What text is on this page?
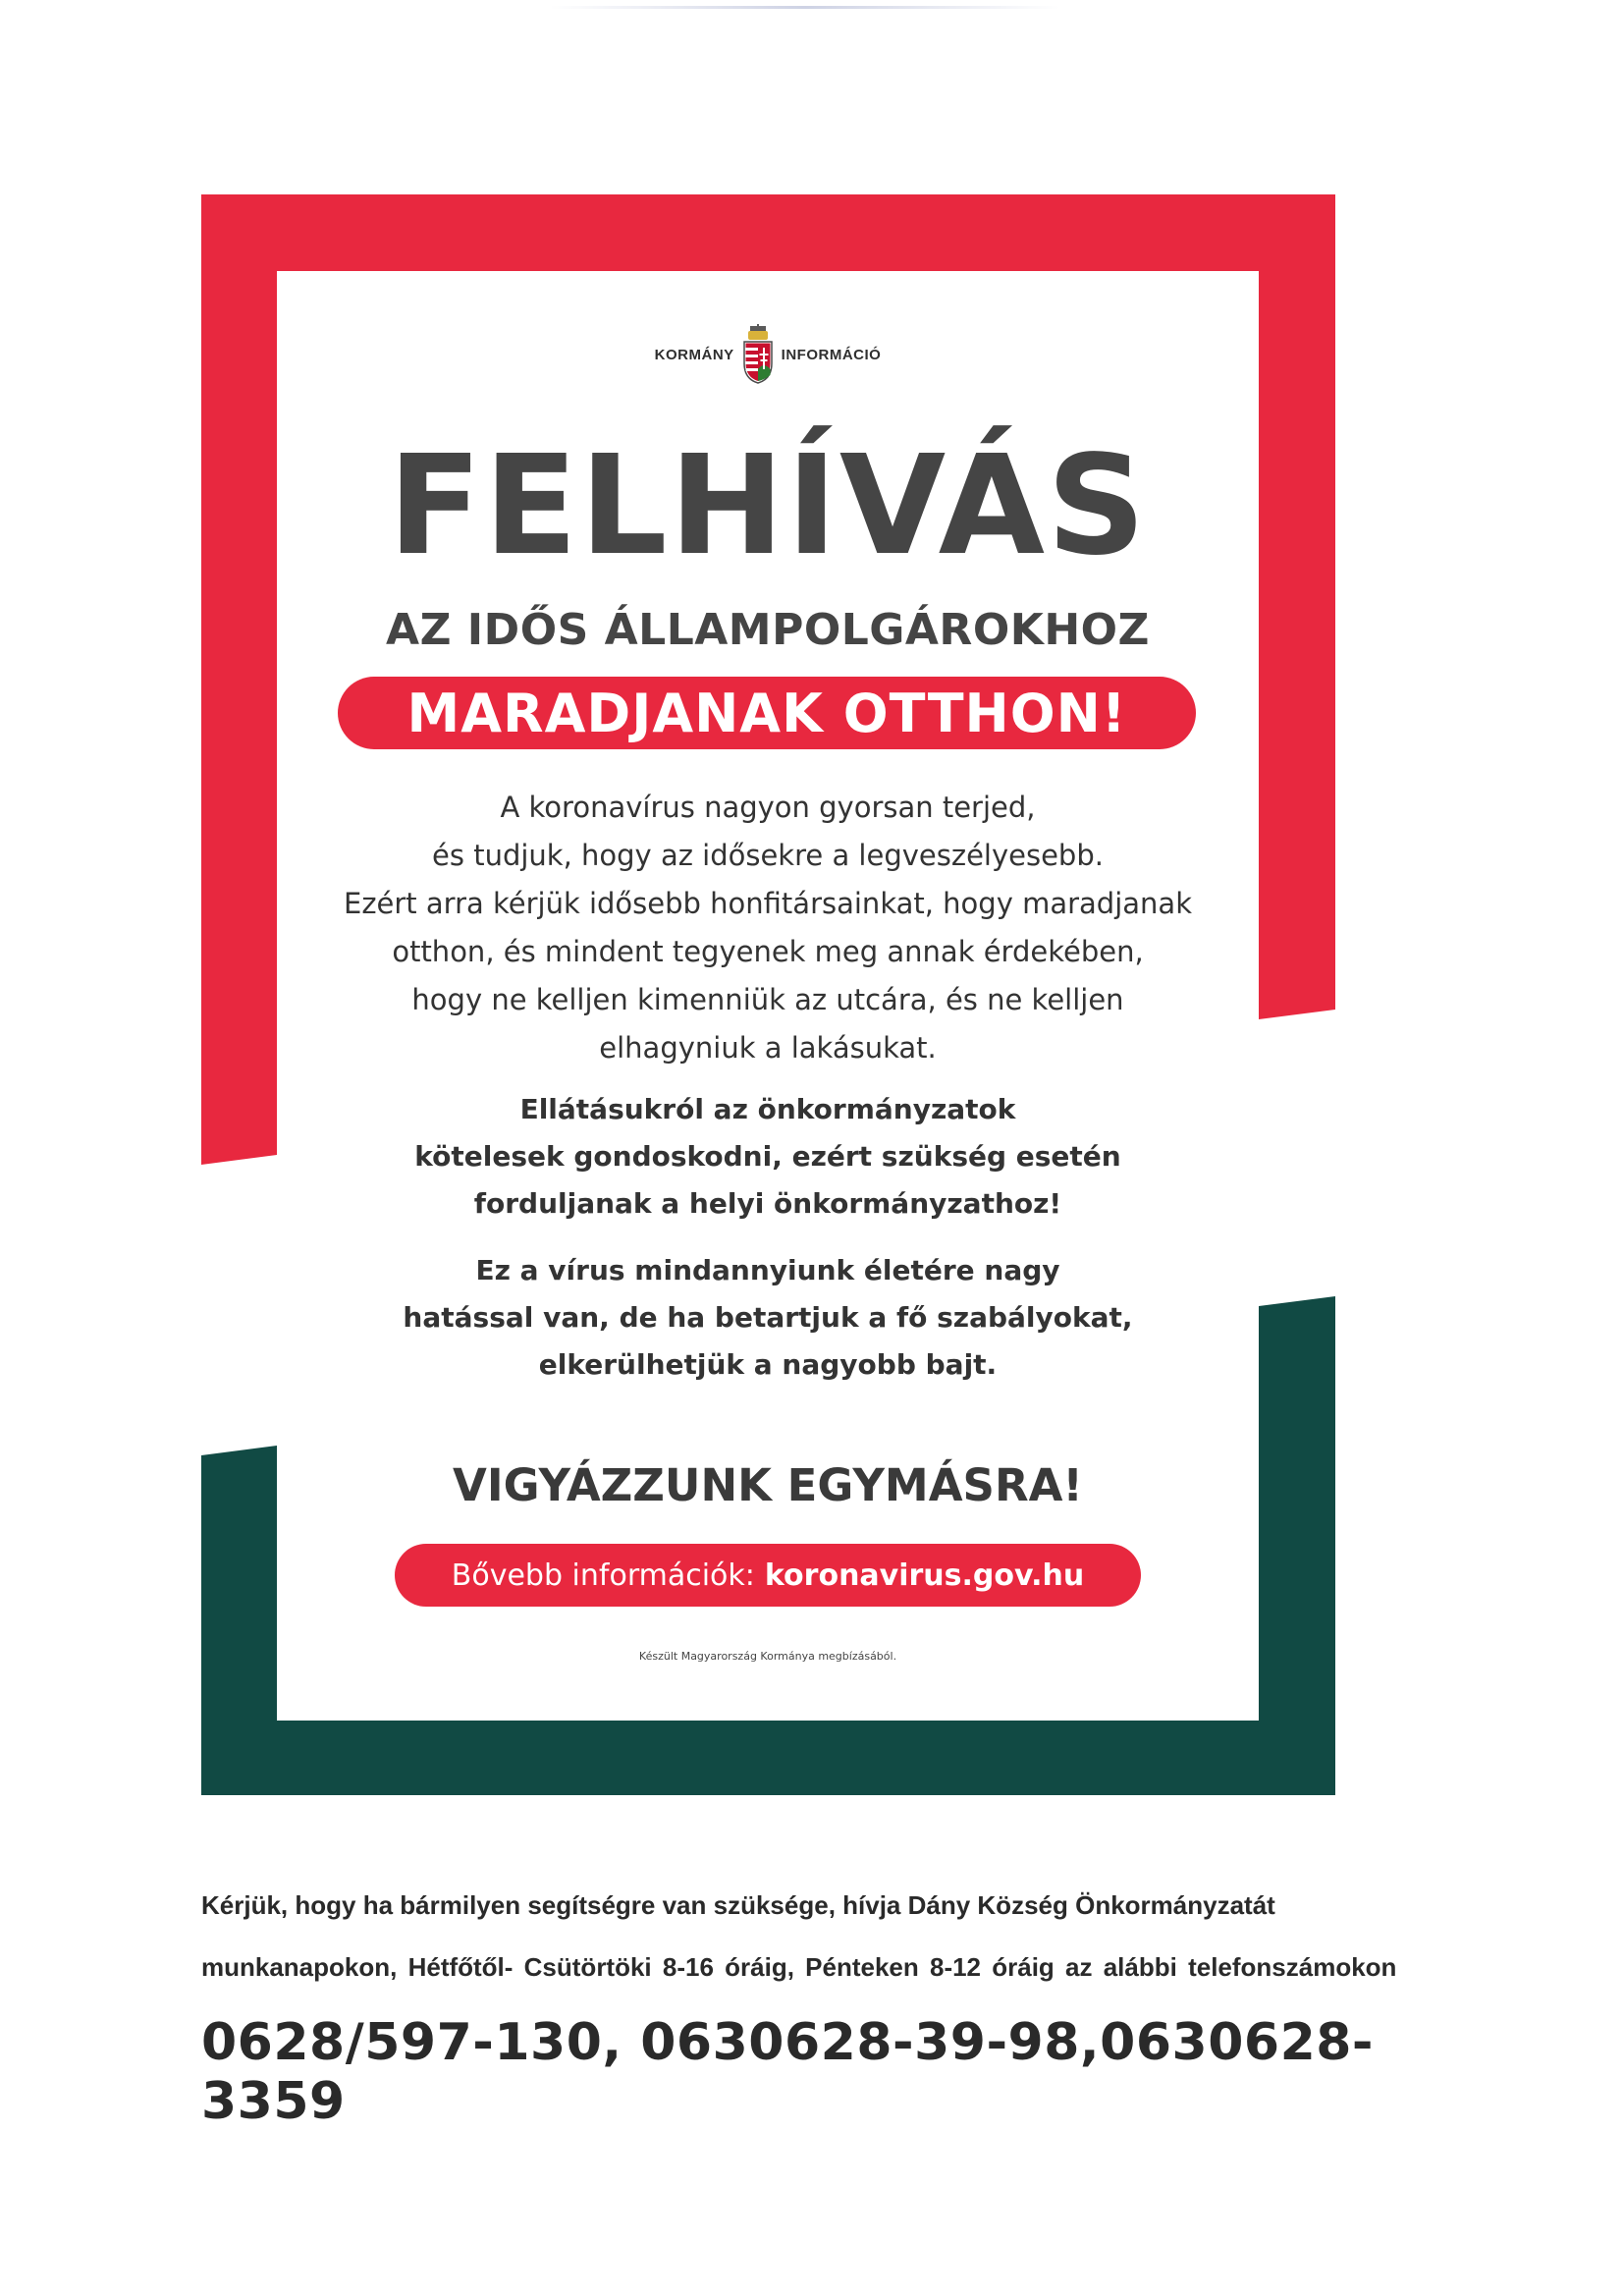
KORMÁNY	INFORMÁCIÓ
FELHÍVÁS
AZ IDŐS ÁLLAMPOLGÁROKHOZ
MARADJANAK OTTHON!
A koronavírus nagyon gyorsan terjed,
és tudjuk, hogy az idősekre a legveszélyesebb.
Ezért arra kérjük idősebb honfitársainkat, hogy maradjanak
otthon, és mindent tegyenek meg annak érdekében,
hogy ne kelljen kimenniük az utcára, és ne kelljen
elhagyniuk a lakásukat.
Ellátásukról az önkormányzatok
kötelesek gondoskodni, ezért szükség esetén
forduljanak a helyi önkormányzathoz!
Ez a vírus mindannyiunk életére nagy
hatással van, de ha betartjuk a fő szabályokat,
elkerülhetjük a nagyobb bajt.
VIGYÁZZUNK EGYMÁSRA!
Bővebb információk: koronavirus.gov.hu
Készült Magyarország Kormánya megbízásából.
Kérjük, hogy ha bármilyen segítségre van szüksége, hívja Dány Község Önkormányzatát
munkanapokon, Hétfőtől- Csütörtöki 8-16 óráig, Pénteken 8-12 óráig az alábbi telefonszámokon
0628/597-130, 0630628-39-98,0630628-3359
